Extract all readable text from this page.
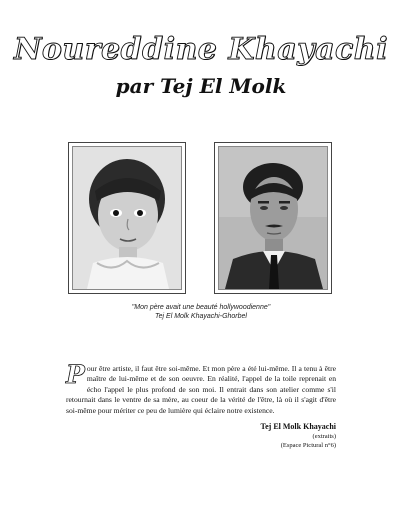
Noureddine Khayachi
par Tej El Molk
"Mon père avait une beauté hollywoodienne"
Tej El Molk Khayachi-Ghorbel
Pour être artiste, il faut être soi-même. Et mon père a été lui-même. Il a tenu à être maître de lui-même et de son oeuvre. En réalité, l'appel de la toile reprenait en écho l'appel le plus profond de son moi. Il entrait dans son atelier comme s'il retournait dans le ventre de sa mère, au coeur de la vérité de l'être, là où il s'agit d'être soi-même pour mériter ce peu de lumière qui éclaire notre existence.
Tej El Molk Khayachi
(extraits)
(Espace Pictural n°6)
